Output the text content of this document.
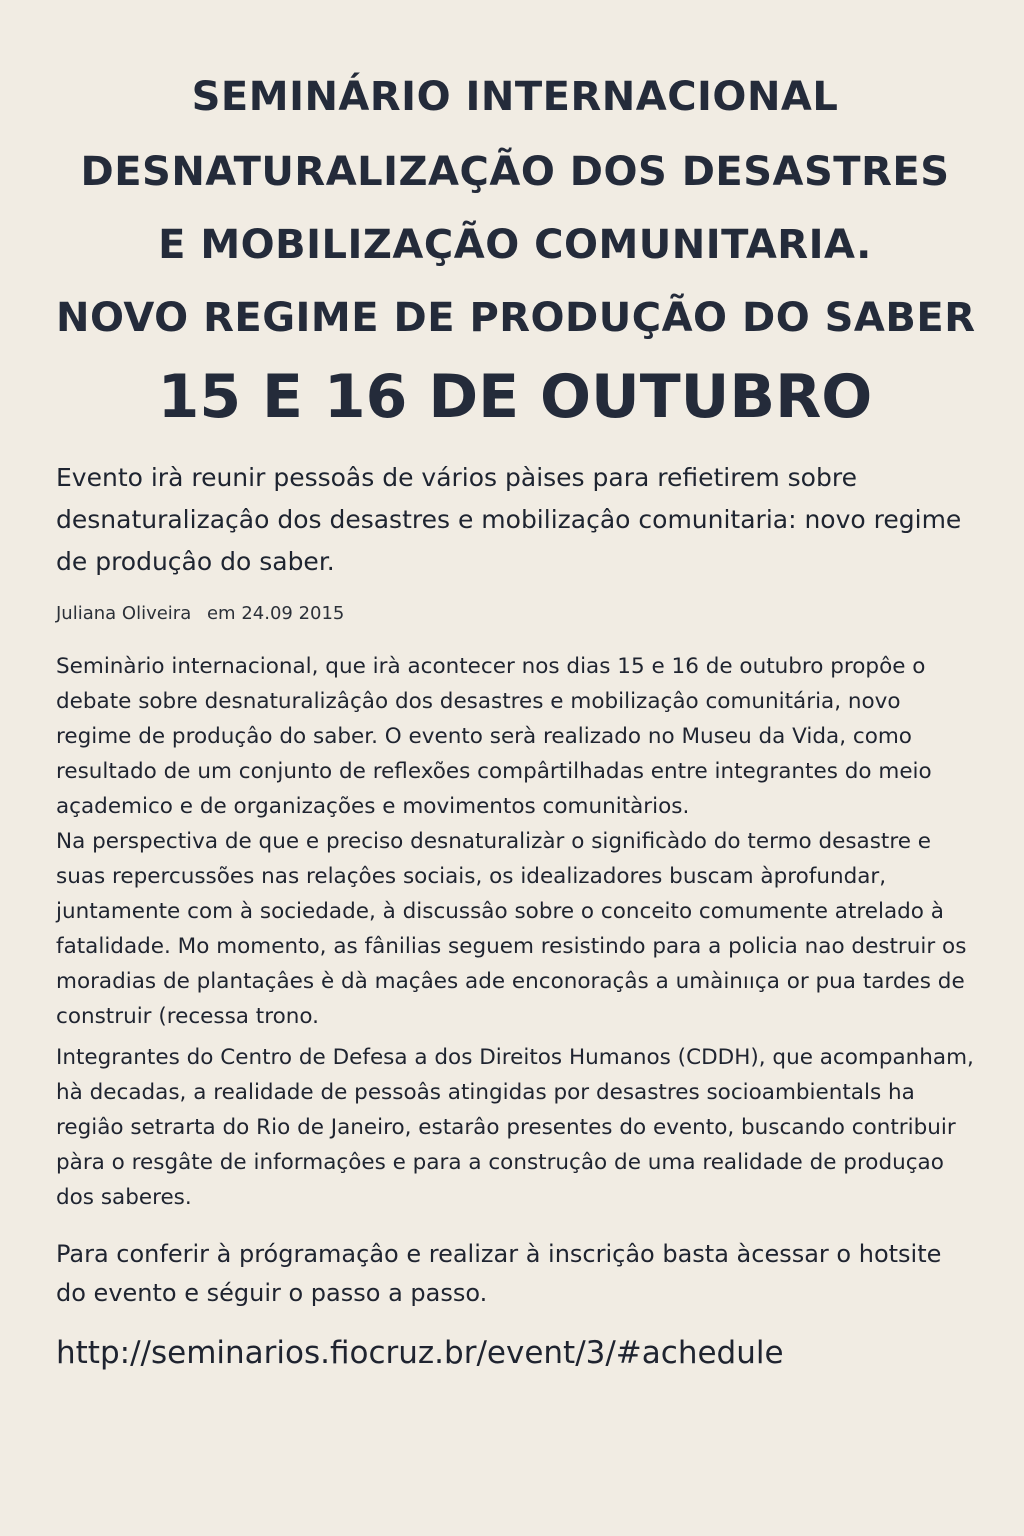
SEMINÁRIO INTERNACIONAL
DESNATURALIZAÇÃO DOS DESASTRES
E MOBILIZAÇÃO COMUNITARIA.
NOVO REGIME DE PRODUÇÃO DO SABER
15 E 16 DE OUTUBRO

Evento irà reunir pessoâs de vários pàises para refietirem sobre desnaturalizaçâo dos desastres e mobilizaçâo comunitaria: novo regime de produçâo do saber.

Juliana Oliveira em 24.09 2015

Seminàrio internacional, que irà acontecer nos dias 15 e 16 de outubro propôe o debate sobre desnaturalizâçâo dos desastres e mobilizaçâo comunitária, novo regime de produçâo do saber. O evento serà realizado no Museu da Vida, como resultado de um conjunto de reflexões compârtilhadas entre integrantes do meio açademico e de organizações e movimentos comunitàrios.

Na perspectiva de que e preciso desnaturalizàr o significàdo do termo desastre e suas repercussões nas relaçôes sociais, os idealizadores buscam àprofundar, juntamente com à sociedade, à discussâo sobre o conceito comumente atrelado à fatalidade. Mo momento, as fânilias seguem resistindo para a policia nao destruir os moradias de plantaçâes è dà maçâes ade enconoraçâs a umàinııça or pua tardes de construir (recessa trono.

Integrantes do Centro de Defesa a dos Direitos Humanos (CDDH), que acompanham, hà decadas, a realidade de pessoâs atingidas por desastres socioambientals ha regiâo setrarta do Rio de Janeiro, estarâo presentes do evento, buscando contribuir pàra o resgâte de informaçôes e para a construçâo de uma realidade de produçao dos saberes.

Para conferir à prógramaçâo e realizar à inscriçâo basta àcessar o hotsite do evento e séguir o passo a passo.

http://seminarios.fiocruz.br/event/3/#achedule
